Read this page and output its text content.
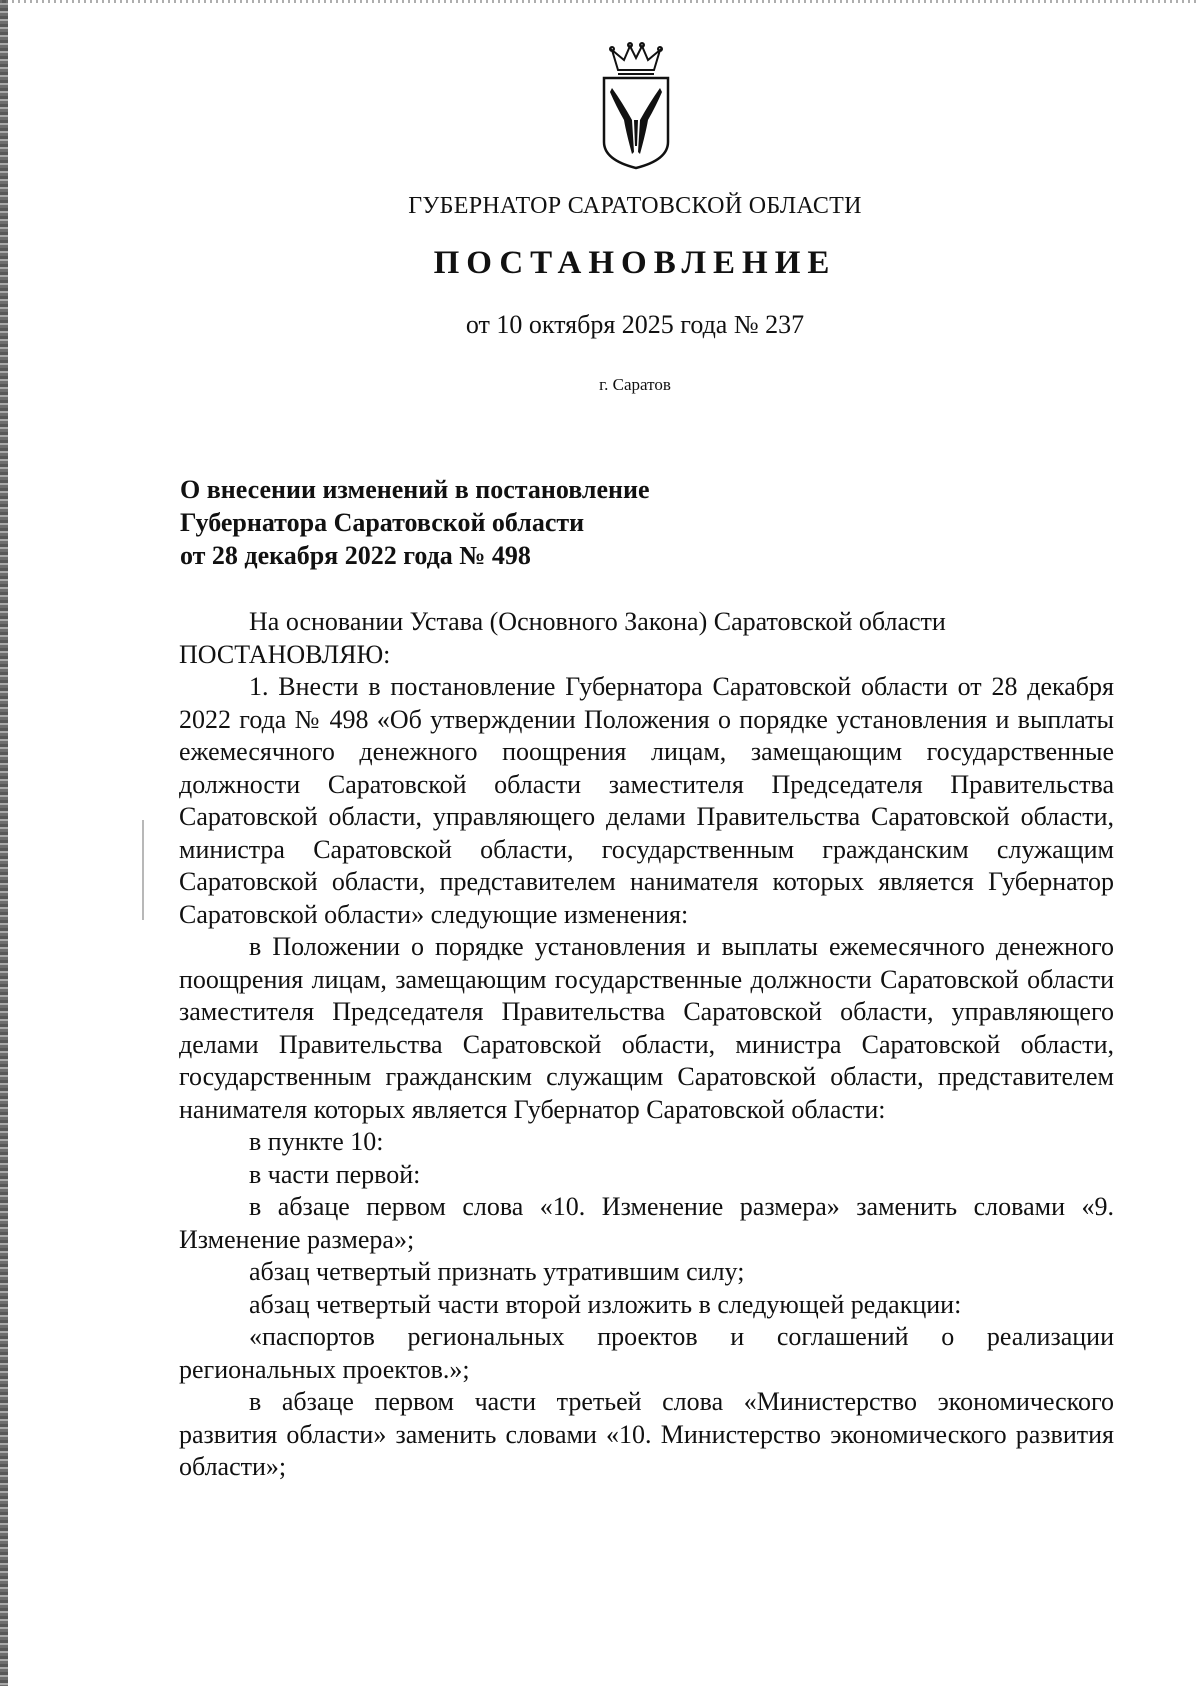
ГУБЕРНАТОР САРАТОВСКОЙ ОБЛАСТИ
ПОСТАНОВЛЕНИЕ
от 10 октября 2025 года № 237
г. Саратов
О внесении изменений в постановление
Губернатора Саратовской области
от 28 декабря 2022 года № 498

На основании Устава (Основного Закона) Саратовской области

ПОСТАНОВЛЯЮ:

1. Внести в постановление Губернатора Саратовской области от 28 декабря 2022 года № 498 «Об утверждении Положения о порядке установления и выплаты ежемесячного денежного поощрения лицам, замещающим государственные должности Саратовской области заместителя Председателя Правительства Саратовской области, управляющего делами Правительства Саратовской области, министра Саратовской области, государственным гражданским служащим Саратовской области, представителем нанимателя которых является Губернатор Саратовской области» следующие изменения:

в Положении о порядке установления и выплаты ежемесячного денежного поощрения лицам, замещающим государственные должности Саратовской области заместителя Председателя Правительства Саратовской области, управляющего делами Правительства Саратовской области, министра Саратовской области, государственным гражданским служащим Саратовской области, представителем нанимателя которых является Губернатор Саратовской области:

в пункте 10:

в части первой:

в абзаце первом слова «10. Изменение размера» заменить словами «9. Изменение размера»;

абзац четвертый признать утратившим силу;

абзац четвертый части второй изложить в следующей редакции:

«паспортов региональных проектов и соглашений о реализации региональных проектов.»;

в абзаце первом части третьей слова «Министерство экономического развития области» заменить словами «10. Министерство экономического развития области»;
